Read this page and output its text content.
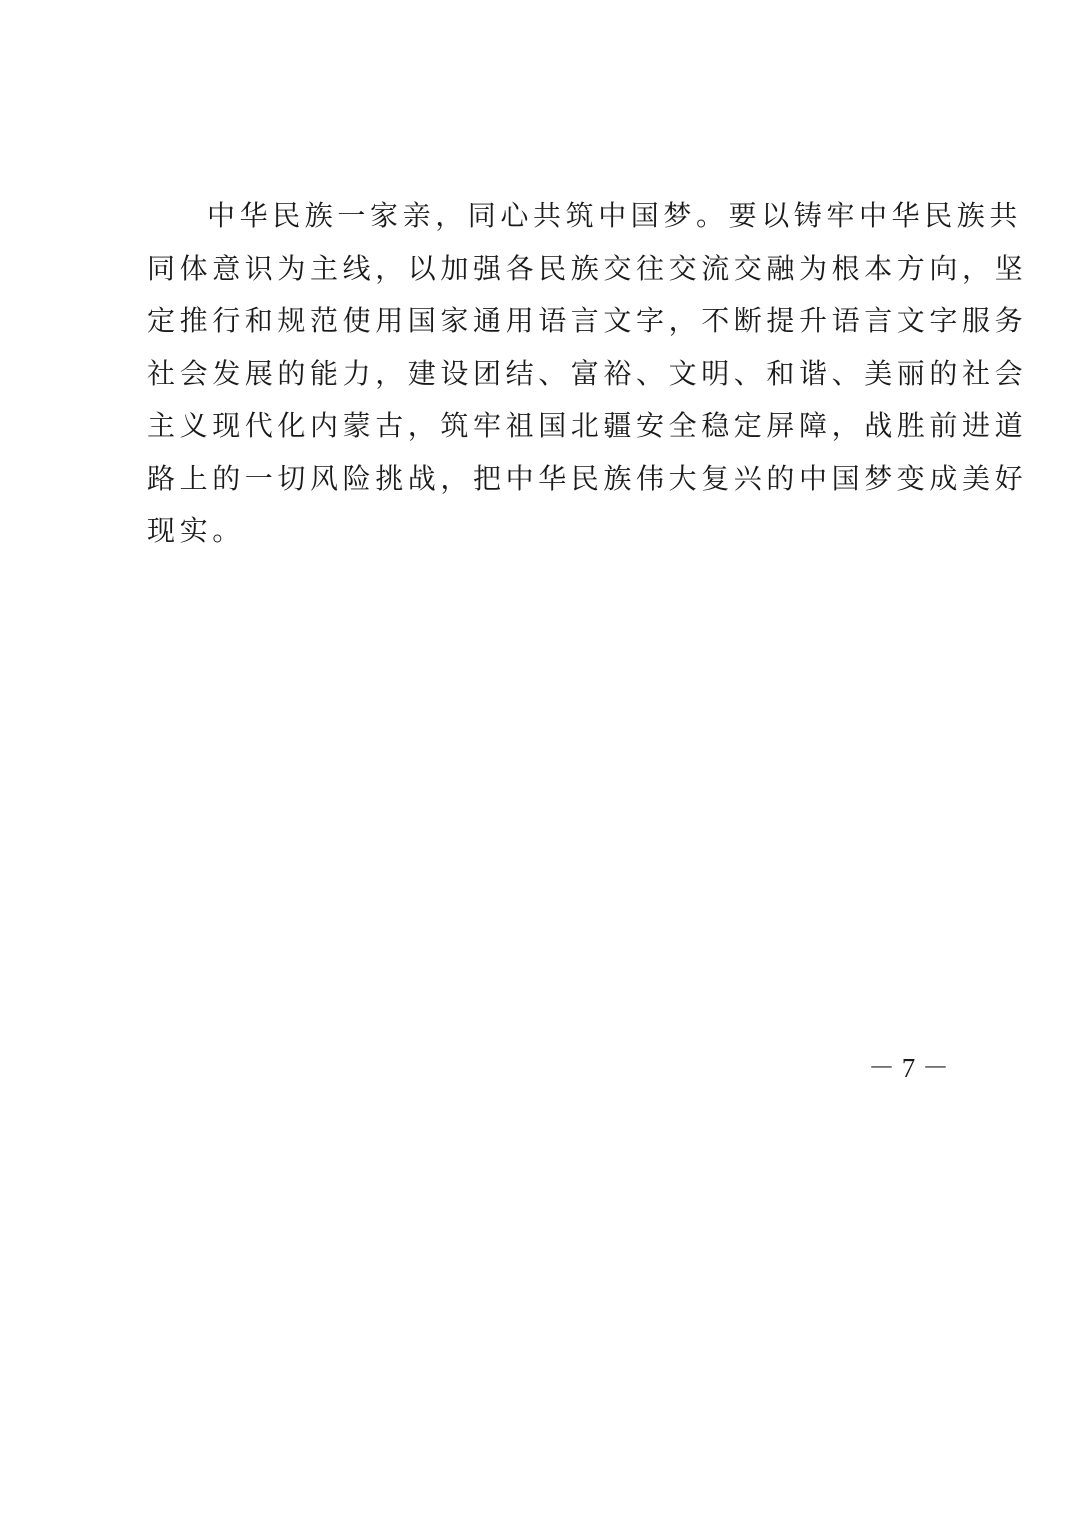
中华民族一家亲，同心共筑中国梦。要以铸牢中华民族共
同体意识为主线，以加强各民族交往交流交融为根本方向，坚
定推行和规范使用国家通用语言文字，不断提升语言文字服务
社会发展的能力，建设团结、富裕、文明、和谐、美丽的社会
主义现代化内蒙古，筑牢祖国北疆安全稳定屏障，战胜前进道
路上的一切风险挑战，把中华民族伟大复兴的中国梦变成美好
现实。

－ 7 －
